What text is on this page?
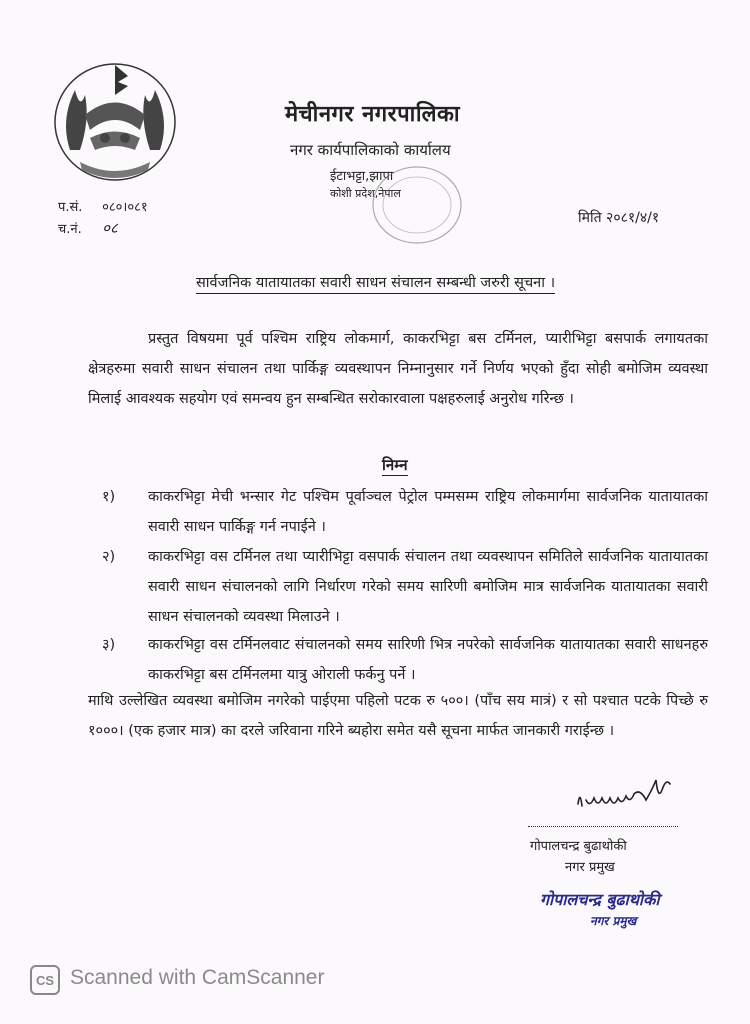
मेचीनगर नगरपालिका
नगर कार्यपालिकाको कार्यालय
ईटाभट्टा,झापा
कोशी प्रदेश,नेपाल
प.सं. ०८०।०८१
च.नं. ०८
मिति २०८१/४/१
सार्वजनिक यातायातका सवारी साधन संचालन सम्बन्धी जरुरी सूचना ।
प्रस्तुत विषयमा पूर्व पश्चिम राष्ट्रिय लोकमार्ग, काकरभिट्टा बस टर्मिनल, प्यारीभिट्टा बसपार्क लगायतका क्षेत्रहरुमा सवारी साधन संचालन तथा पार्किङ्ग व्यवस्थापन निम्नानुसार गर्ने निर्णय भएको हुँदा सोही बमोजिम व्यवस्था मिलाई आवश्यक सहयोग एवं समन्वय हुन सम्बन्धित सरोकारवाला पक्षहरुलाई अनुरोध गरिन्छ ।
निम्न
१) काकरभिट्टा मेची भन्सार गेट पश्चिम पूर्वाञ्चल पेट्रोल पम्मसम्म राष्ट्रिय लोकमार्गमा सार्वजनिक यातायातका सवारी साधन पार्किङ्ग गर्न नपाईने ।
२) काकरभिट्टा वस टर्मिनल तथा प्यारीभिट्टा वसपार्क संचालन तथा व्यवस्थापन समितिले सार्वजनिक यातायातका सवारी साधन संचालनको लागि निर्धारण गरेको समय सारिणी बमोजिम मात्र सार्वजनिक यातायातका सवारी साधन संचालनको व्यवस्था मिलाउने ।
३) काकरभिट्टा वस टर्मिनलवाट संचालनको समय सारिणी भित्र नपरेको सार्वजनिक यातायातका सवारी साधनहरु काकरभिट्टा बस टर्मिनलमा यात्रु ओराली फर्कनु पर्ने ।
माथि उल्लेखित व्यवस्था बमोजिम नगरेको पाईएमा पहिलो पटक रु ५००। (पाँच सय मात्रं) र सो पश्चात पटके पिच्छे रु १०००। (एक हजार मात्र) का दरले जरिवाना गरिने ब्यहोरा समेत यसै सूचना मार्फत जानकारी गराईन्छ ।
गोपालचन्द्र बुढाथोकी
नगर प्रमुख
गोपालचन्द्र बुढाथोकी
नगर प्रमुख
CS Scanned with CamScanner
